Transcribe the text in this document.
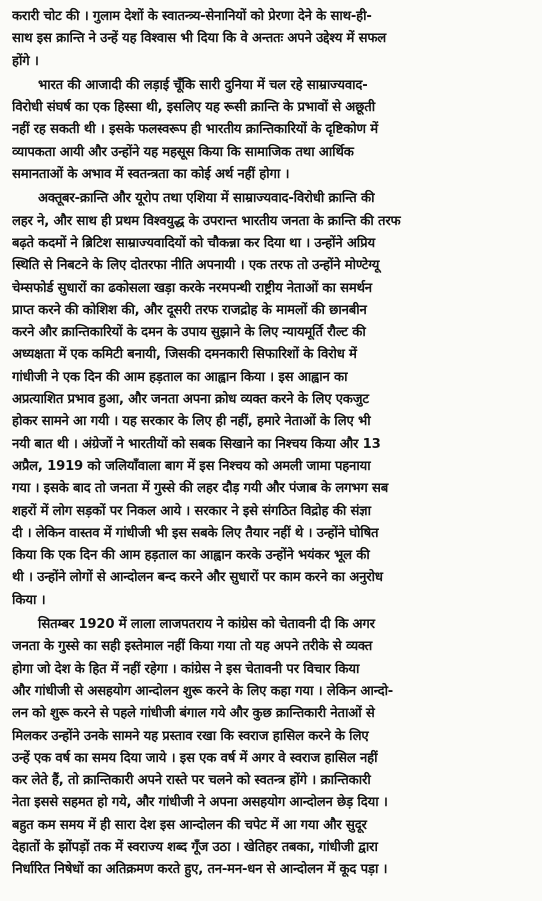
करारी चोट की । गुलाम देशों के स्वातन्त्र्य-सेनानियों को प्रेरणा देने के साथ-ही-
साथ इस क्रान्ति ने उन्हें यह विश्वास भी दिया कि वे अन्ततः अपने उद्देश्य में सफल
होंगे ।
भारत की आजादी की लड़ाई चूँकि सारी दुनिया में चल रहे साम्राज्यवाद-
विरोधी संघर्ष का एक हिस्सा थी, इसलिए यह रूसी क्रान्ति के प्रभावों से अछूती
नहीं रह सकती थी । इसके फलस्वरूप ही भारतीय क्रान्तिकारियों के दृष्टिकोण में
व्यापकता आयी और उन्होंने यह महसूस किया कि सामाजिक तथा आर्थिक
समानताओं के अभाव में स्वतन्त्रता का कोई अर्थ नहीं होगा ।
अक्तूबर-क्रान्ति और यूरोप तथा एशिया में साम्राज्यवाद-विरोधी क्रान्ति की
लहर ने, और साथ ही प्रथम विश्वयुद्ध के उपरान्त भारतीय जनता के क्रान्ति की तरफ
बढ़ते कदमों ने ब्रिटिश साम्राज्यवादियों को चौकन्ना कर दिया था । उन्होंने अप्रिय
स्थिति से निबटने के लिए दोतरफा नीति अपनायी । एक तरफ तो उन्होंने मोण्टेग्यू
चेम्सफोर्ड सुधारों का ढकोसला खड़ा करके नरमपन्थी राष्ट्रीय नेताओं का समर्थन
प्राप्त करने की कोशिश की, और दूसरी तरफ राजद्रोह के मामलों की छानबीन
करने और क्रान्तिकारियों के दमन के उपाय सुझाने के लिए न्यायमूर्ति रौल्ट की
अध्यक्षता में एक कमिटी बनायी, जिसकी दमनकारी सिफारिशों के विरोध में
गांधीजी ने एक दिन की आम हड़ताल का आह्वान किया । इस आह्वान का
अप्रत्याशित प्रभाव हुआ, और जनता अपना क्रोध व्यक्त करने के लिए एकजुट
होकर सामने आ गयी । यह सरकार के लिए ही नहीं, हमारे नेताओं के लिए भी
नयी बात थी । अंग्रेजों ने भारतीयों को सबक सिखाने का निश्चय किया और 13
अप्रैल, 1919 को जलियाँवाला बाग में इस निश्चय को अमली जामा पहनाया
गया । इसके बाद तो जनता में गुस्से की लहर दौड़ गयी और पंजाब के लगभग सब
शहरों में लोग सड़कों पर निकल आये । सरकार ने इसे संगठित विद्रोह की संज्ञा
दी । लेकिन वास्तव में गांधीजी भी इस सबके लिए तैयार नहीं थे । उन्होंने घोषित
किया कि एक दिन की आम हड़ताल का आह्वान करके उन्होंने भयंकर भूल की
थी । उन्होंने लोगों से आन्दोलन बन्द करने और सुधारों पर काम करने का अनुरोध
किया ।
सितम्बर 1920 में लाला लाजपतराय ने कांग्रेस को चेतावनी दी कि अगर
जनता के गुस्से का सही इस्तेमाल नहीं किया गया तो यह अपने तरीके से व्यक्त
होगा जो देश के हित में नहीं रहेगा । कांग्रेस ने इस चेतावनी पर विचार किया
और गांधीजी से असहयोग आन्दोलन शुरू करने के लिए कहा गया । लेकिन आन्दो-
लन को शुरू करने से पहले गांधीजी बंगाल गये और कुछ क्रान्तिकारी नेताओं से
मिलकर उन्होंने उनके सामने यह प्रस्ताव रखा कि स्वराज हासिल करने के लिए
उन्हें एक वर्ष का समय दिया जाये । इस एक वर्ष में अगर वे स्वराज हासिल नहीं
कर लेते हैं, तो क्रान्तिकारी अपने रास्ते पर चलने को स्वतन्त्र होंगे । क्रान्तिकारी
नेता इससे सहमत हो गये, और गांधीजी ने अपना असहयोग आन्दोलन छेड़ दिया ।
बहुत कम समय में ही सारा देश इस आन्दोलन की चपेट में आ गया और सुदूर
देहातों के झोंपड़ों तक में स्वराज्य शब्द गूँज उठा । खेतिहर तबका, गांधीजी द्वारा
निर्धारित निषेधों का अतिक्रमण करते हुए, तन-मन-धन से आन्दोलन में कूद पड़ा ।
